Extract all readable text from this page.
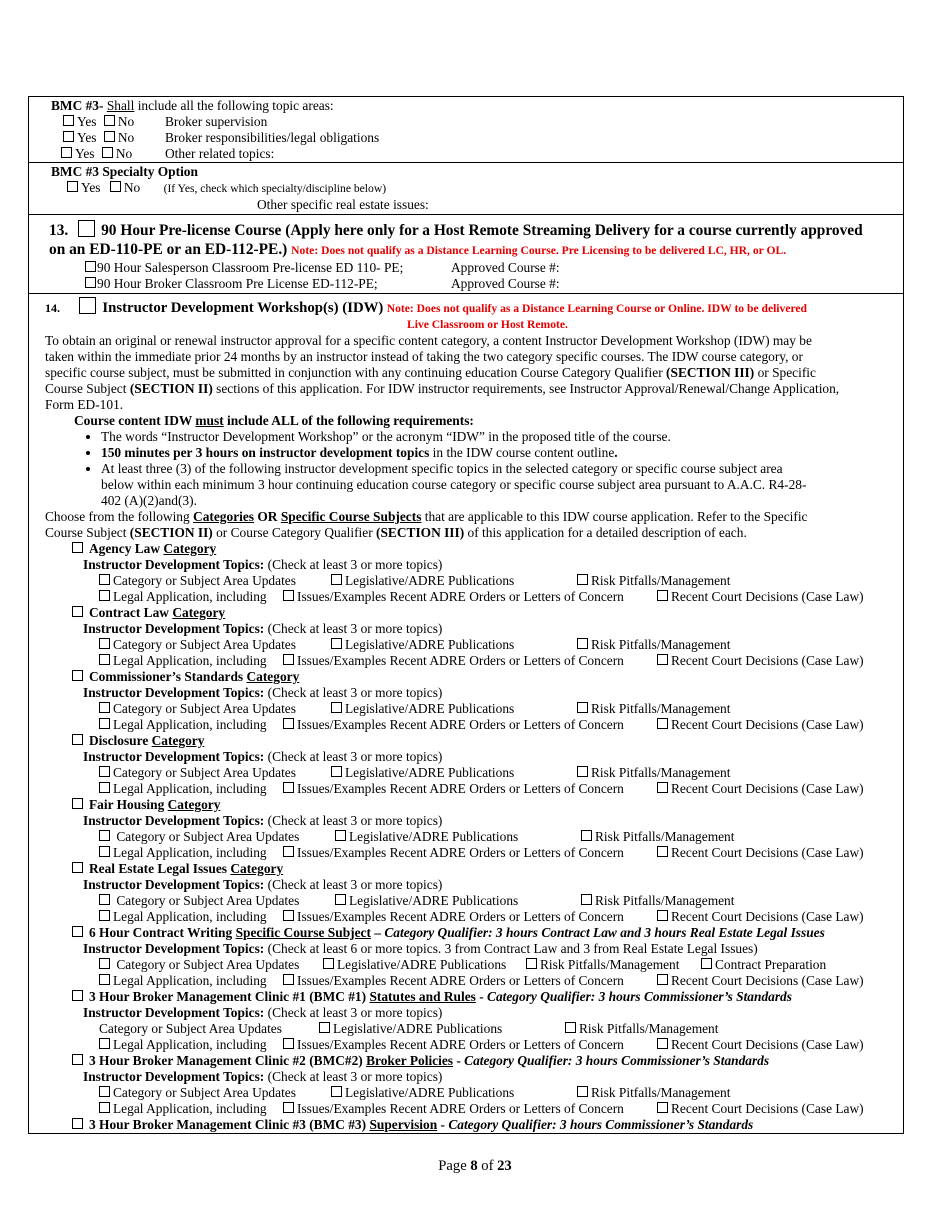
BMC #3- Shall include all the following topic areas:
Yes No	Broker supervision
Yes No	Broker responsibilities/legal obligations
Yes No	Other related topics:
BMC #3 Specialty Option
Yes No (If Yes, check which specialty/discipline below)
Other specific real estate issues:
13. 90 Hour Pre-license Course (Apply here only for a Host Remote Streaming Delivery for a course currently approved
on an ED-110-PE or an ED-112-PE.) Note: Does not qualify as a Distance Learning Course. Pre Licensing to be delivered LC, HR, or OL.
90 Hour Salesperson Classroom Pre-license ED 110- PE;	Approved Course #:
90 Hour Broker Classroom Pre License ED-112-PE;	Approved Course #:
14.	Instructor Development Workshop(s) (IDW) Note: Does not qualify as a Distance Learning Course or Online. IDW to be delivered
Live Classroom or Host Remote.
To obtain an original or renewal instructor approval for a specific content category, a content Instructor Development Workshop (IDW) may be
taken within the immediate prior 24 months by an instructor instead of taking the two category specific courses. The IDW course category, or
specific course subject, must be submitted in conjunction with any continuing education Course Category Qualifier (SECTION III) or Specific
Course Subject (SECTION II) sections of this application. For IDW instructor requirements, see Instructor Approval/Renewal/Change Application,
Form ED-101.
Course content IDW must include ALL of the following requirements:
• The words “Instructor Development Workshop” or the acronym “IDW” in the proposed title of the course.
• 150 minutes per 3 hours on instructor development topics in the IDW course content outline.
• At least three (3) of the following instructor development specific topics in the selected category or specific course subject area
below within each minimum 3 hour continuing education course category or specific course subject area pursuant to A.A.C. R4-28-
402 (A)(2)and(3).
Choose from the following Categories OR Specific Course Subjects that are applicable to this IDW course application. Refer to the Specific
Course Subject (SECTION II) or Course Category Qualifier (SECTION III) of this application for a detailed description of each.
Agency Law Category
Instructor Development Topics: (Check at least 3 or more topics)
Category or Subject Area Updates	Legislative/ADRE Publications	Risk Pitfalls/Management
Legal Application, including	Issues/Examples Recent ADRE Orders or Letters of Concern	Recent Court Decisions (Case Law)
Contract Law Category
Instructor Development Topics: (Check at least 3 or more topics)
Category or Subject Area Updates	Legislative/ADRE Publications	Risk Pitfalls/Management
Legal Application, including	Issues/Examples Recent ADRE Orders or Letters of Concern	Recent Court Decisions (Case Law)
Commissioner’s Standards Category
Instructor Development Topics: (Check at least 3 or more topics)
Category or Subject Area Updates	Legislative/ADRE Publications	Risk Pitfalls/Management
Legal Application, including	Issues/Examples Recent ADRE Orders or Letters of Concern	Recent Court Decisions (Case Law)
Disclosure Category
Instructor Development Topics: (Check at least 3 or more topics)
Category or Subject Area Updates	Legislative/ADRE Publications	Risk Pitfalls/Management
Legal Application, including	Issues/Examples Recent ADRE Orders or Letters of Concern	Recent Court Decisions (Case Law)
Fair Housing Category
Instructor Development Topics: (Check at least 3 or more topics)
Category or Subject Area Updates	Legislative/ADRE Publications	Risk Pitfalls/Management
Legal Application, including	Issues/Examples Recent ADRE Orders or Letters of Concern	Recent Court Decisions (Case Law)
Real Estate Legal Issues Category
Instructor Development Topics: (Check at least 3 or more topics)
Category or Subject Area Updates	Legislative/ADRE Publications	Risk Pitfalls/Management
Legal Application, including	Issues/Examples Recent ADRE Orders or Letters of Concern	Recent Court Decisions (Case Law)
6 Hour Contract Writing Specific Course Subject – Category Qualifier: 3 hours Contract Law and 3 hours Real Estate Legal Issues
Instructor Development Topics: (Check at least 6 or more topics. 3 from Contract Law and 3 from Real Estate Legal Issues)
Category or Subject Area Updates	Legislative/ADRE Publications	Risk Pitfalls/Management	Contract Preparation
Legal Application, including	Issues/Examples Recent ADRE Orders or Letters of Concern	Recent Court Decisions (Case Law)
3 Hour Broker Management Clinic #1 (BMC #1) Statutes and Rules - Category Qualifier: 3 hours Commissioner’s Standards
Instructor Development Topics: (Check at least 3 or more topics)
Category or Subject Area Updates	Legislative/ADRE Publications	Risk Pitfalls/Management
Legal Application, including	Issues/Examples Recent ADRE Orders or Letters of Concern	Recent Court Decisions (Case Law)
3 Hour Broker Management Clinic #2 (BMC#2) Broker Policies - Category Qualifier: 3 hours Commissioner’s Standards
Instructor Development Topics: (Check at least 3 or more topics)
Category or Subject Area Updates	Legislative/ADRE Publications	Risk Pitfalls/Management
Legal Application, including	Issues/Examples Recent ADRE Orders or Letters of Concern	Recent Court Decisions (Case Law)
3 Hour Broker Management Clinic #3 (BMC #3) Supervision - Category Qualifier: 3 hours Commissioner’s Standards
Page 8 of 23
